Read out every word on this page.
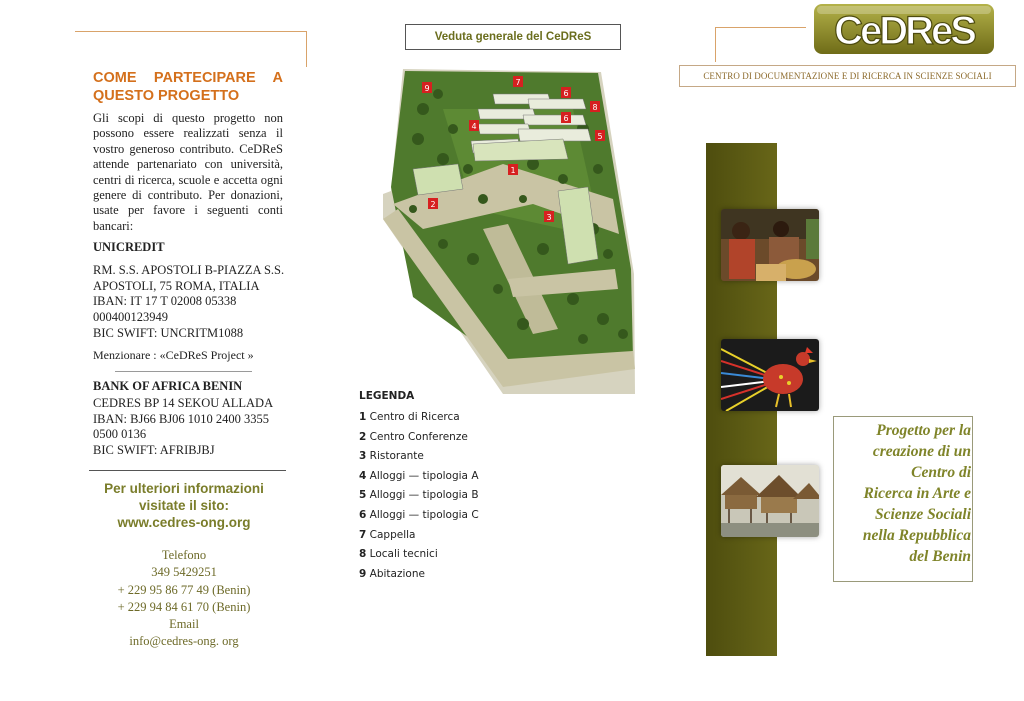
COME PARTECIPARE A QUESTO PROGETTO
Gli scopi di questo progetto non possono essere realizzati senza il vostro generoso contributo. CeDReS attende partenariato con università, centri di ricerca, scuole e accetta ogni genere di contributo. Per donazioni, usate per favore i seguenti conti bancari:
UNICREDIT
RM. S.S. APOSTOLI B-PIAZZA S.S.
APOSTOLI, 75 ROMA, ITALIA
IBAN: IT 17 T 02008 05338
000400123949
BIC SWIFT: UNCRITM1088
Menzionare : «CeDReS Project »
BANK OF AFRICA BENIN
CEDRES BP 14 SEKOU ALLADA
IBAN: BJ66 BJ06 1010 2400 3355
0500 0136
BIC SWIFT: AFRIBJBJ
Per ulteriori informazioni
visitate il sito:
www.cedres-ong.org
Telefono
349 5429251
+ 229 95 86 77 49 (Benin)
+ 229 94 84 61 70 (Benin)
Email
info@cedres-ong. org
Veduta generale del CeDReS
1
2
3
4
5
6
6
7
8
9
LEGENDA
1 Centro di Ricerca
2 Centro Conferenze
3 Ristorante
4 Alloggi — tipologia A
5 Alloggi — tipologia B
6 Alloggi — tipologia C
7 Cappella
8 Locali tecnici
9 Abitazione
CeDReS
CENTRO DI DOCUMENTAZIONE E DI RICERCA IN SCIENZE SOCIALI
Progetto per la
creazione di un
Centro di
Ricerca in Arte e
Scienze Sociali
nella Repubblica
del Benin
